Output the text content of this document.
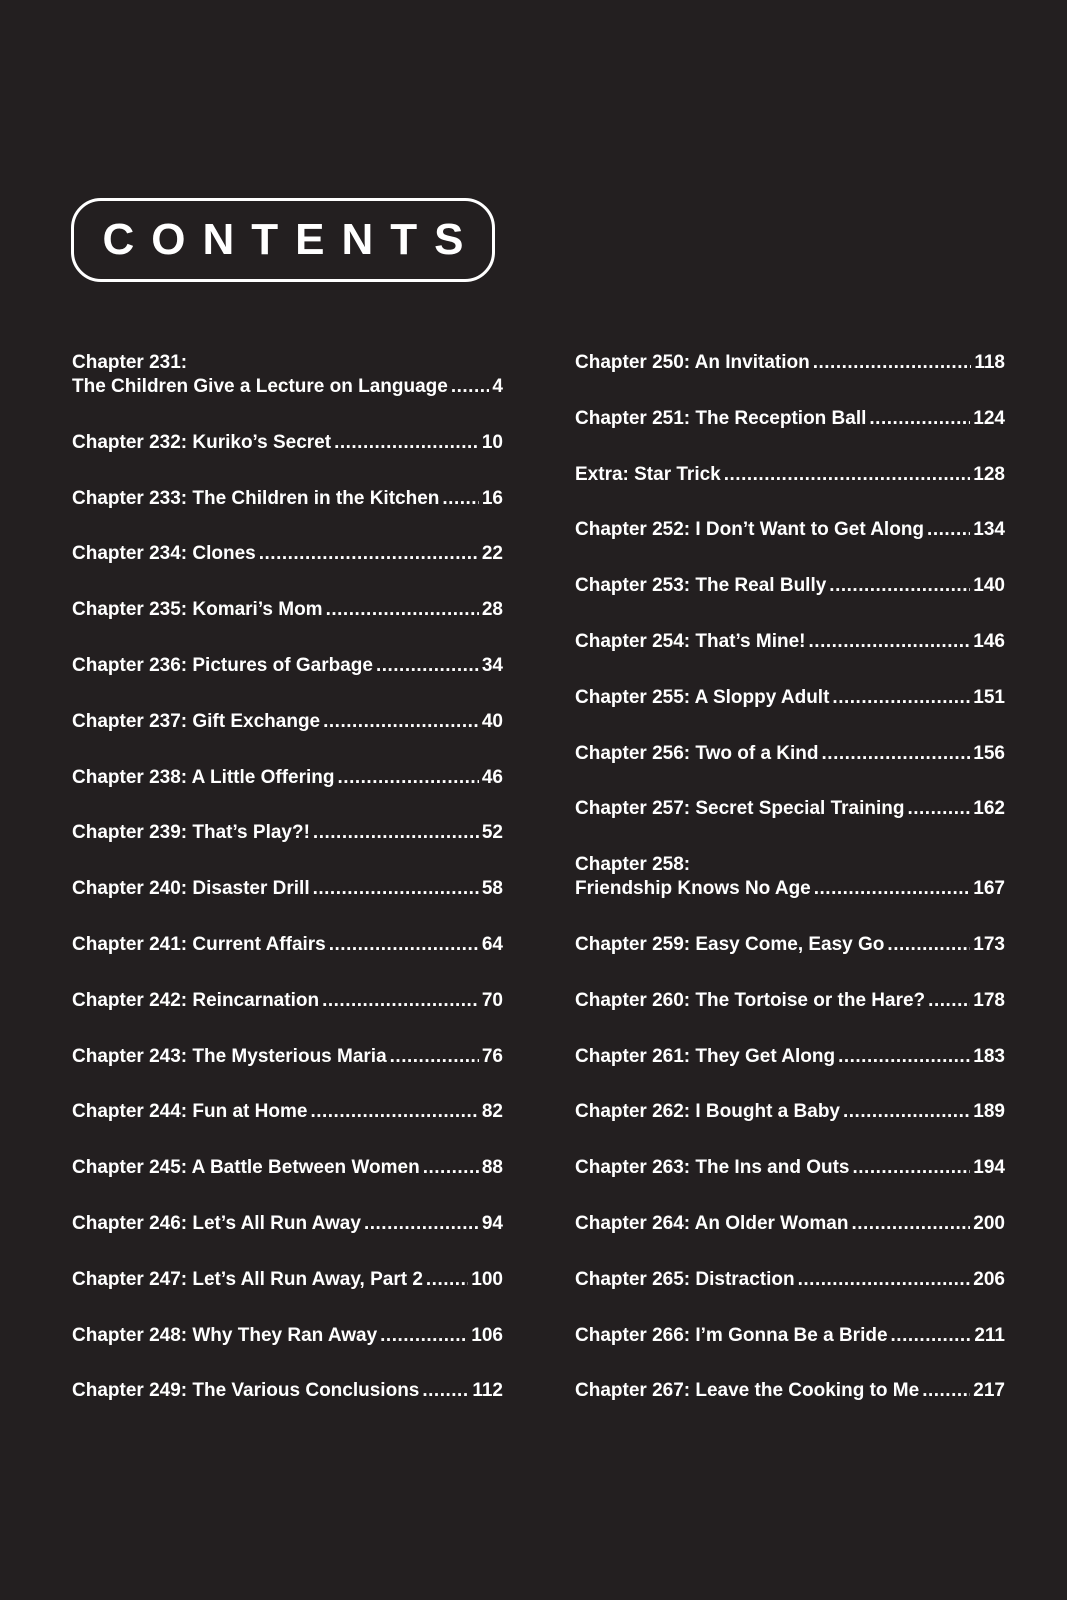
CONTENTS
Chapter 231:
The Children Give a Lecture on Language ..... 4
Chapter 232: Kuriko’s Secret .....	10
Chapter 233: The Children in the Kitchen ..... 16
Chapter 234: Clones .....	22
Chapter 235: Komari’s Mom .....	28
Chapter 236: Pictures of Garbage .....	34
Chapter 237: Gift Exchange .....	40
Chapter 238: A Little Offering .....	46
Chapter 239: That’s Play?! .....	52
Chapter 240: Disaster Drill .....	58
Chapter 241: Current Affairs .....	64
Chapter 242: Reincarnation .....	70
Chapter 243: The Mysterious Maria .....	76
Chapter 244: Fun at Home .....	82
Chapter 245: A Battle Between Women .....	88
Chapter 246: Let’s All Run Away .....	94
Chapter 247: Let’s All Run Away, Part 2 .....	100
Chapter 248: Why They Ran Away .....	106
Chapter 249: The Various Conclusions .....	112
Chapter 250: An Invitation .....	118
Chapter 251: The Reception Ball .....	124
Extra: Star Trick .....	128
Chapter 252: I Don’t Want to Get Along .....	134
Chapter 253: The Real Bully .....	140
Chapter 254: That’s Mine! .....	146
Chapter 255: A Sloppy Adult .....	151
Chapter 256: Two of a Kind .....	156
Chapter 257: Secret Special Training .....	162
Chapter 258:
Friendship Knows No Age .....	167
Chapter 259: Easy Come, Easy Go .....	173
Chapter 260: The Tortoise or the Hare? .....	178
Chapter 261: They Get Along .....	183
Chapter 262: I Bought a Baby .....	189
Chapter 263: The Ins and Outs .....	194
Chapter 264: An Older Woman .....	200
Chapter 265: Distraction .....	206
Chapter 266: I’m Gonna Be a Bride .....	211
Chapter 267: Leave the Cooking to Me .....	217
